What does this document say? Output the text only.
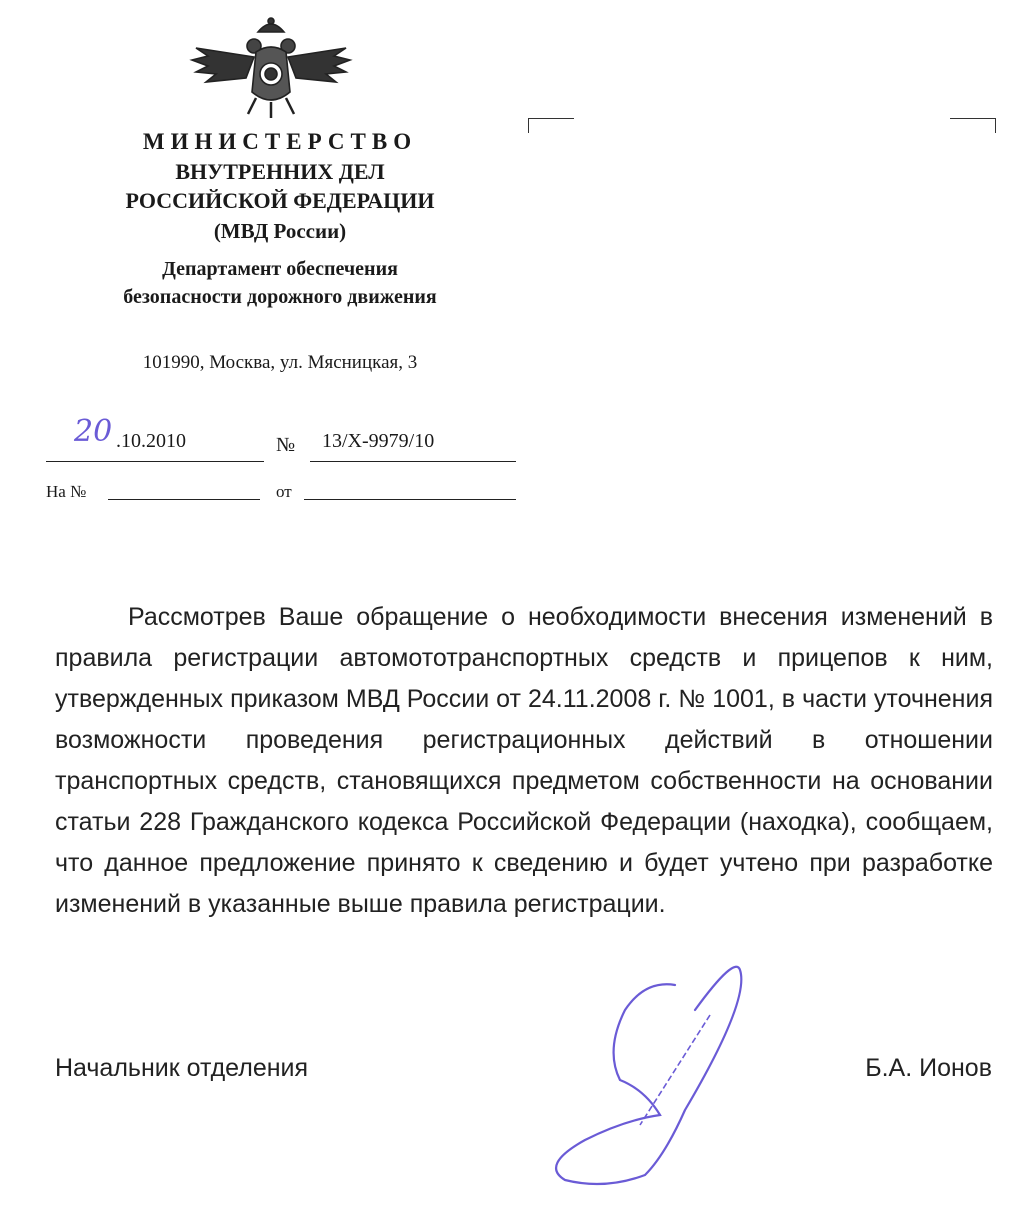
МИНИСТЕРСТВО
ВНУТРЕННИХ ДЕЛ
РОССИЙСКОЙ ФЕДЕРАЦИИ
(МВД России)
Департамент обеспечения
безопасности дорожного движения
101990, Москва, ул. Мясницкая, 3
20 .10.2010	№ 13/Х-9979/10
На №	от

Рассмотрев Ваше обращение о необходимости внесения изменений в правила регистрации автомототранспортных средств и прицепов к ним, утвержденных приказом МВД России от 24.11.2008 г. № 1001, в части уточнения возможности проведения регистрационных действий в отношении транспортных средств, становящихся предметом собственности на основании статьи 228 Гражданского кодекса Российской Федерации (находка), сообщаем, что данное предложение принято к сведению и будет учтено при разработке изменений в указанные выше правила регистрации.

Начальник отделения	Б.А. Ионов
